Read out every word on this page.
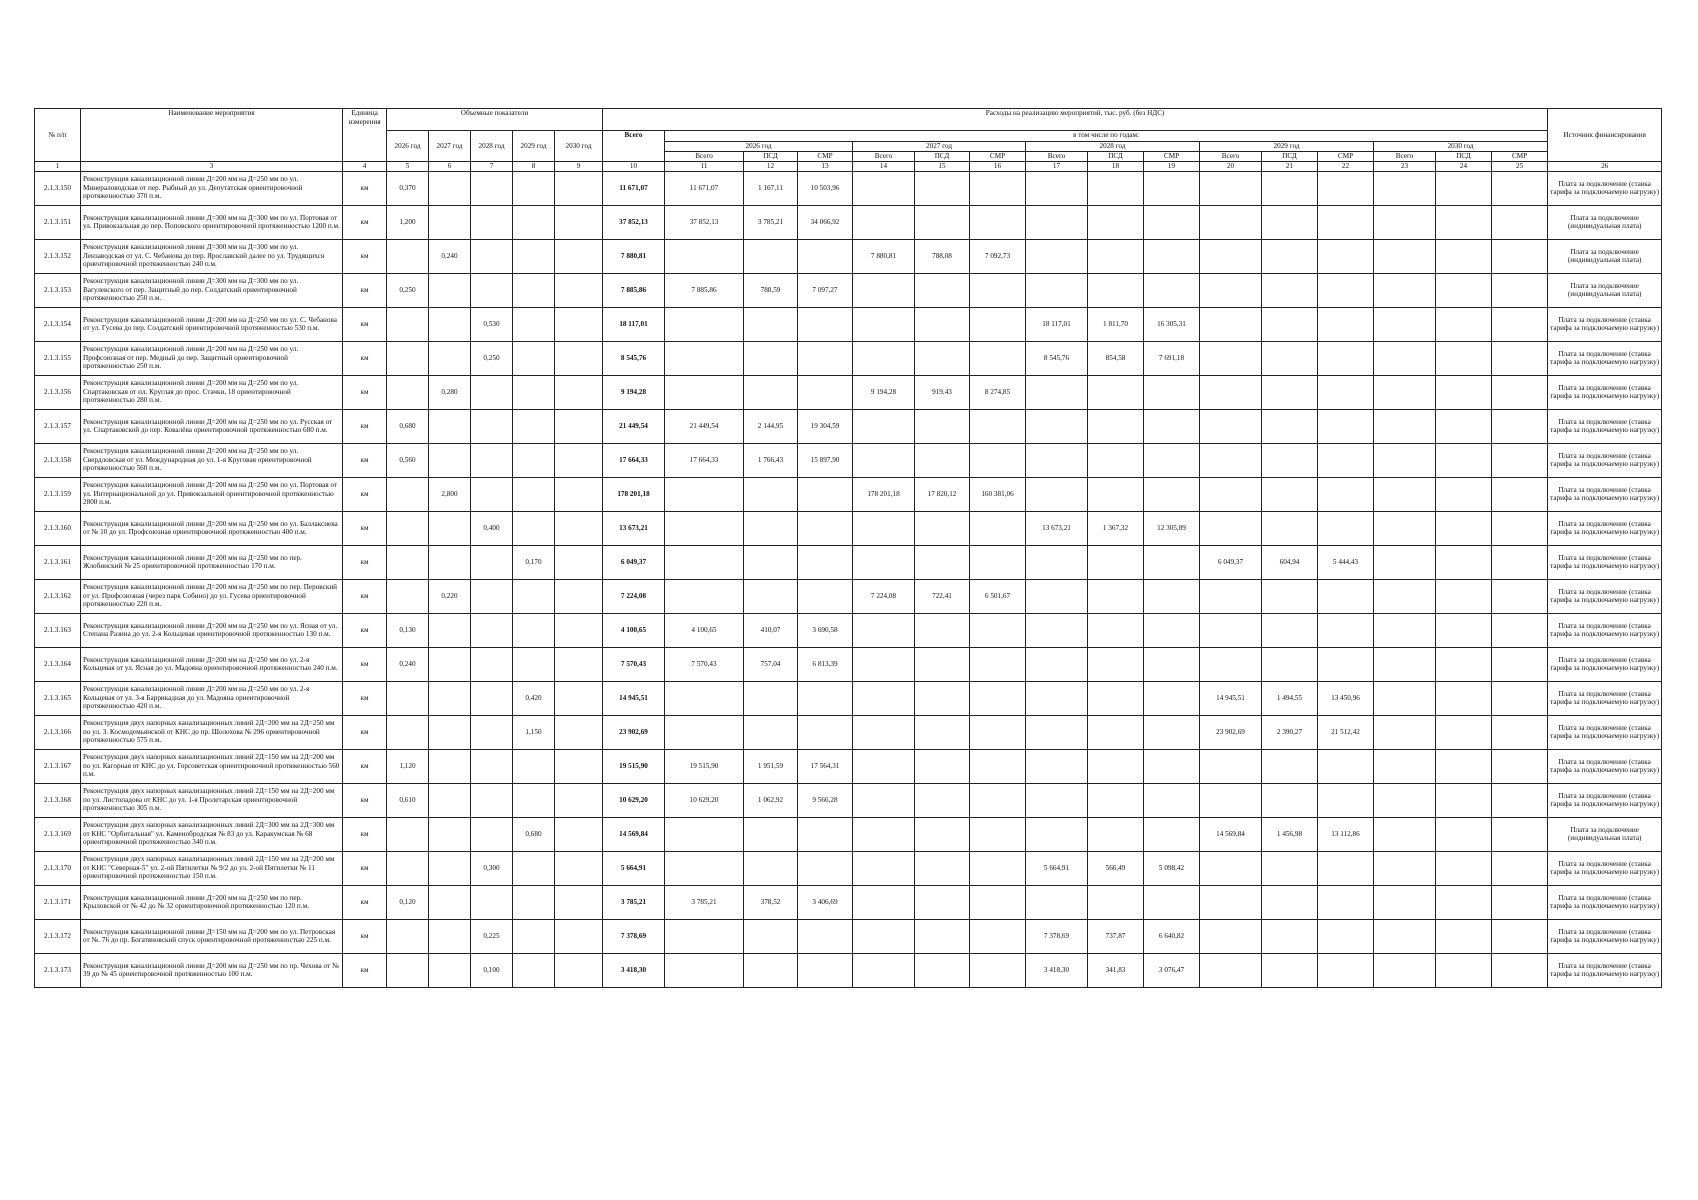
№ п/п	Наименование мероприятия	Единица измерения	Объемные показатели					Расходы на реализацию мероприятий, тыс. руб. (без НДС)																Источник финансирования
			2026 год	2027 год	2028 год	2029 год	2030 год	Всего	в том числе по годам:															
									2026 год			2027 год			2028 год			2029 год			2030 год			
									Всего	ПСД	СМР	Всего	ПСД	СМР	Всего	ПСД	СМР	Всего	ПСД	СМР	Всего	ПСД	СМР	
1	3	4	5	6	7	8	9	10	11	12	13	14	15	16	17	18	19	20	21	22	23	24	25	26
2.1.3.150	Реконструкция канализационной линии Д=200 мм на Д=250 мм по ул. Минераловодская от пер. Рыбный до ул. Депутатская ориентировочной протяженностью 370 п.м.	км	0,370					11 671,07	11 671,07	1 167,11	10 503,96													Плата за подключение (ставка тарифа за подключаемую нагрузку)
2.1.3.151	Реконструкция канализационной линии Д=300 мм на Д=300 мм по ул. Портовая от ул. Привокзальная до пер. Поповского ориентировочной протяженностью 1200 п.м.	км	1,200					37 852,13	37 852,13	3 785,21	34 066,92													Плата за подключение (индивидуальная плата)
2.1.3.152	Реконструкция канализационной линии Д=300 мм на Д=300 мм по ул. Лензаводская от ул. С. Чебанова до пер. Ярославский далее по ул. Трудящихся ориентировочной протяженностью 240 п.м.	км		0,240				7 880,81				7 880,81	788,08	7 092,73										Плата за подключение (индивидуальная плата)
2.1.3.153	Реконструкция канализационной линии Д=300 мм на Д=300 мм по ул. Вагулевского от пер. Защитный до пер. Солдатский ориентировочной протяженностью 250 п.м.	км	0,250					7 885,86	7 885,86	788,59	7 097,27													Плата за подключение (индивидуальная плата)
2.1.3.154	Реконструкция канализационной линии Д=200 мм на Д=250 мм по ул. С. Чебанова от ул. Гусева до пер. Солдатский ориентировочной протяженностью 530 п.м.	км			0,530			18 117,01							18 117,01	1 811,70	16 305,31							Плата за подключение (ставка тарифа за подключаемую нагрузку)
2.1.3.155	Реконструкция канализационной линии Д=200 мм на Д=250 мм по ул. Профсоюзная от пер. Медный до пер. Защитный ориентировочной протяженностью 250 п.м.	км			0,250			8 545,76							8 545,76	854,58	7 691,18							Плата за подключение (ставка тарифа за подключаемую нагрузку)
2.1.3.156	Реконструкция канализационной линии Д=200 мм на Д=250 мм по ул. Спартаковская от пл. Круглая до прос. Стачки, 18 ориентировочной протяженностью 280 п.м.	км		0,280				9 194,28				9 194,28	919,43	8 274,85										Плата за подключение (ставка тарифа за подключаемую нагрузку)
2.1.3.157	Реконструкция канализационной линии Д=200 мм на Д=250 мм по ул. Русская от ул. Спартаковской до пер. Ковалёва ориентировочной протяженностью 680 п.м.	км	0,680					21 449,54	21 449,54	2 144,95	19 304,59													Плата за подключение (ставка тарифа за подключаемую нагрузку)
2.1.3.158	Реконструкция канализационной линии Д=200 мм на Д=250 мм по ул. Свердловская от ул. Международная до ул. 1-я Круговая ориентировочной протяженностью 560 п.м.	км	0,560					17 664,33	17 664,33	1 766,43	15 897,90													Плата за подключение (ставка тарифа за подключаемую нагрузку)
2.1.3.159	Реконструкция канализационной линии Д=200 мм на Д=250 мм по ул. Портовая от ул. Интернациональной до ул. Привокзальной ориентировочной протяженностью 2800 п.м.	км		2,800				178 201,18				178 201,18	17 820,12	160 381,06										Плата за подключение (ставка тарифа за подключаемую нагрузку)
2.1.3.160	Реконструкция канализационной линии Д=200 мм на Д=250 мм по ул. Баллаксиева от № 10 до ул. Профсоюзная ориентировочной протяженностью 400 п.м.	км			0,400			13 673,21							13 673,21	1 367,32	12 305,89							Плата за подключение (ставка тарифа за подключаемую нагрузку)
2.1.3.161	Реконструкция канализационной линии Д=200 мм на Д=250 мм по пер. Жлобинский № 25 ориентировочной протяженностью 170 п.м.	км				0,170		6 049,37										6 049,37	604,94	5 444,43				Плата за подключение (ставка тарифа за подключаемую нагрузку)
2.1.3.162	Реконструкция канализационной линии Д=200 мм на Д=250 мм по пер. Перовский от ул. Профсоюзная (через парк Собино) до ул. Гусева ориентировочной протяженностью 220 п.м.	км		0,220				7 224,08				7 224,08	722,41	6 501,67										Плата за подключение (ставка тарифа за подключаемую нагрузку)
2.1.3.163	Реконструкция канализационной линии Д=200 мм на Д=250 мм по ул. Ясная от ул. Степана Разина до ул. 2-я Кольцевая ориентировочной протяженностью 130 п.м.	км	0,130					4 100,65	4 100,65	410,07	3 690,58													Плата за подключение (ставка тарифа за подключаемую нагрузку)
2.1.3.164	Реконструкция канализационной линии Д=200 мм на Д=250 мм по ул. 2-я Кольцевая от ул. Ясная до ул. Мадояна ориентировочной протяженностью 240 п.м.	км	0,240					7 570,43	7 570,43	757,04	6 813,39													Плата за подключение (ставка тарифа за подключаемую нагрузку)
2.1.3.165	Реконструкция канализационной линии Д=200 мм на Д=250 мм по ул. 2-я Кольцевая от ул. 3-я Баррикадная до ул. Мадояна ориентировочной протяженностью 420 п.м.	км				0,420		14 945,51										14 945,51	1 494,55	13 450,96				Плата за подключение (ставка тарифа за подключаемую нагрузку)
2.1.3.166	Реконструкция двух напорных канализационных линий 2Д=200 мм на 2Д=250 мм по ул. З. Космодемьянской от КНС до пр. Шолохова № 296 ориентировочной протяженностью 575 п.м.	км				1,150		23 902,69										23 902,69	2 390,27	21 512,42				Плата за подключение (ставка тарифа за подключаемую нагрузку)
2.1.3.167	Реконструкция двух напорных канализационных линий 2Д=150 мм на 2Д=200 мм по ул. Кагорная от КНС до ул. Горсоветская ориентировочной протяженностью 560 п.м.	км	1,120					19 515,90	19 515,90	1 951,59	17 564,31													Плата за подключение (ставка тарифа за подключаемую нагрузку)
2.1.3.168	Реконструкция двух напорных канализационных линий 2Д=150 мм на 2Д=200 мм по ул. Листопадова от КНС до ул. 1-я Пролетарская ориентировочной протяженностью 305 п.м.	км	0,610					10 629,20	10 629,20	1 062,92	9 566,28													Плата за подключение (ставка тарифа за подключаемую нагрузку)
2.1.3.169	Реконструкция двух напорных канализационных линий 2Д=300 мм на 2Д=300 мм от КНС "Орбитальная" ул. Каменобродская № 83 до ул. Каракумская № 68 ориентировочной протяженностью 340 п.м.	км				0,680		14 569,84										14 569,84	1 456,98	13 112,86				Плата за подключение (индивидуальная плата)
2.1.3.170	Реконструкция двух напорных канализационных линий 2Д=150 мм на 2Д=200 мм от КНС "Северная-5" ул. 2-ой Пятилетки № 9/2 до ул. 2-ой Пятилетки № 11 ориентировочной протяженностью 150 п.м.	км			0,300			5 664,91							5 664,91	566,49	5 098,42							Плата за подключение (ставка тарифа за подключаемую нагрузку)
2.1.3.171	Реконструкция канализационной линии Д=200 мм на Д=250 мм по пер. Крыловской от № 42 до № 32 ориентировочной протяженностью 120 п.м.	км	0,120					3 785,21	3 785,21	378,52	3 406,69													Плата за подключение (ставка тарифа за подключаемую нагрузку)
2.1.3.172	Реконструкция канализационной линии Д=150 мм на Д=200 мм по ул. Петровская от №. 76 до пр. Богатяновский спуск ориентировочной протяженностью 225 п.м.	км			0,225			7 378,69							7 378,69	737,87	6 640,82							Плата за подключение (ставка тарифа за подключаемую нагрузку)
2.1.3.173	Реконструкция канализационной линии Д=200 мм на Д=250 мм по пр. Чехова от № 39 до № 45 ориентировочной протяженностью 100 п.м.	км			0,100			3 418,30							3 418,30	341,83	3 076,47							Плата за подключение (ставка тарифа за подключаемую нагрузку)
